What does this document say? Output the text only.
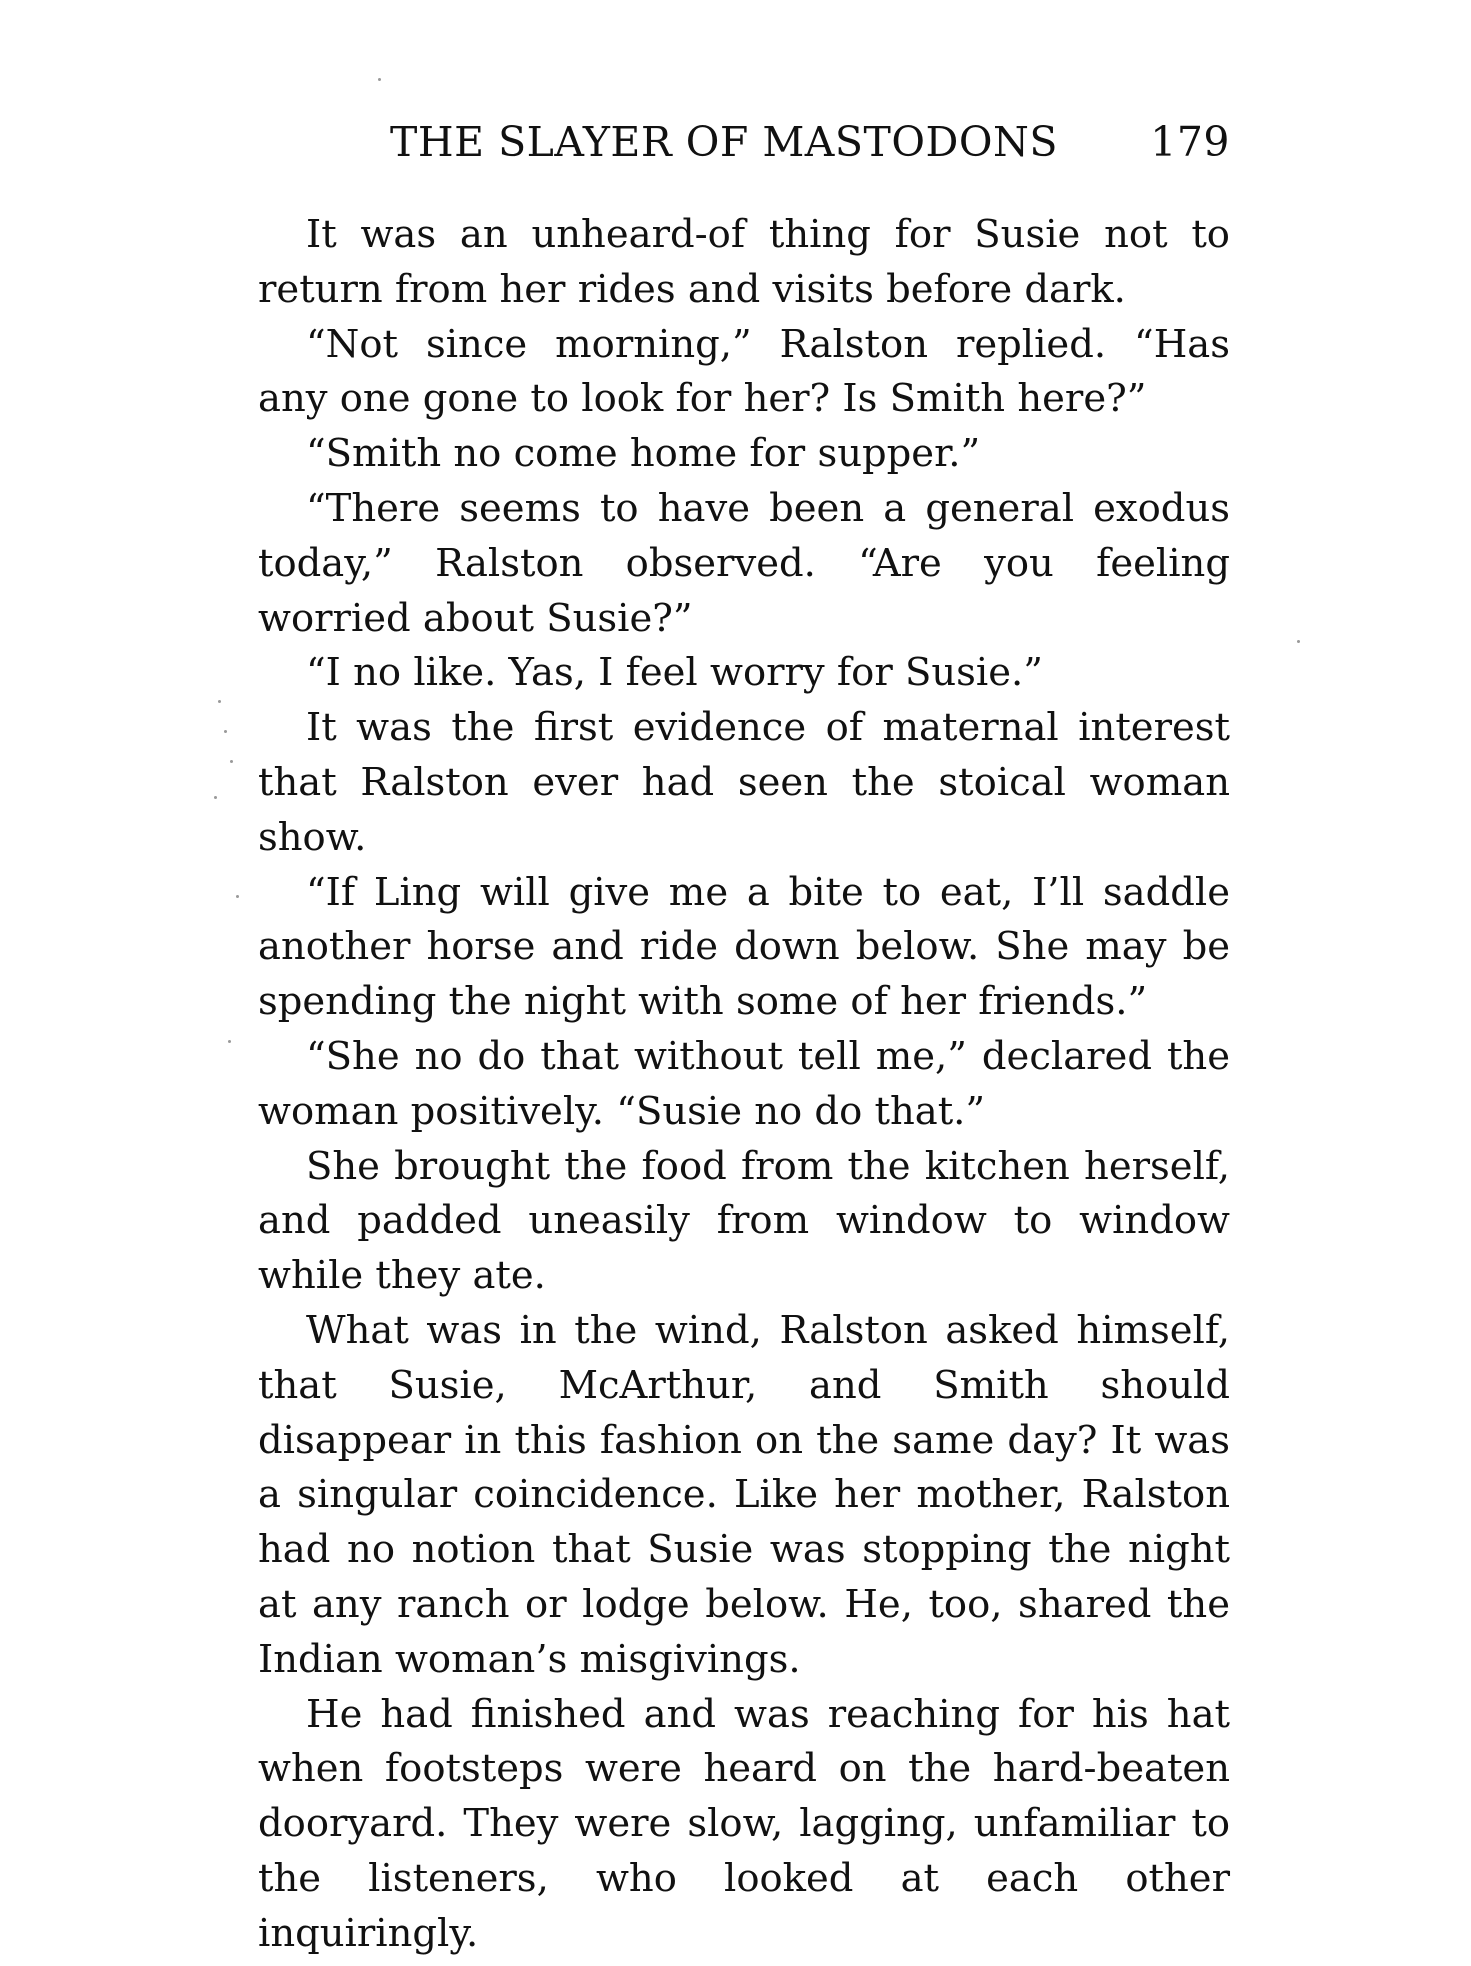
THE SLAYER OF MASTODONS 179

It was an unheard-of thing for Susie not to return from her rides and visits before dark.

“Not since morning,” Ralston replied. “Has any one gone to look for her? Is Smith here?”

“Smith no come home for supper.”

“There seems to have been a general exodus today,” Ralston observed. “Are you feeling worried about Susie?”

“I no like. Yas, I feel worry for Susie.”

It was the first evidence of maternal interest that Ralston ever had seen the stoical woman show.

“If Ling will give me a bite to eat, I’ll saddle another horse and ride down below. She may be spending the night with some of her friends.”

“She no do that without tell me,” declared the woman positively. “Susie no do that.”

She brought the food from the kitchen herself, and padded uneasily from window to window while they ate.

What was in the wind, Ralston asked himself, that Susie, McArthur, and Smith should disappear in this fashion on the same day? It was a singular coincidence. Like her mother, Ralston had no notion that Susie was stopping the night at any ranch or lodge below. He, too, shared the Indian woman’s misgivings.

He had finished and was reaching for his hat when footsteps were heard on the hard-beaten dooryard. They were slow, lagging, unfamiliar to the listeners, who looked at each other inquiringly.
